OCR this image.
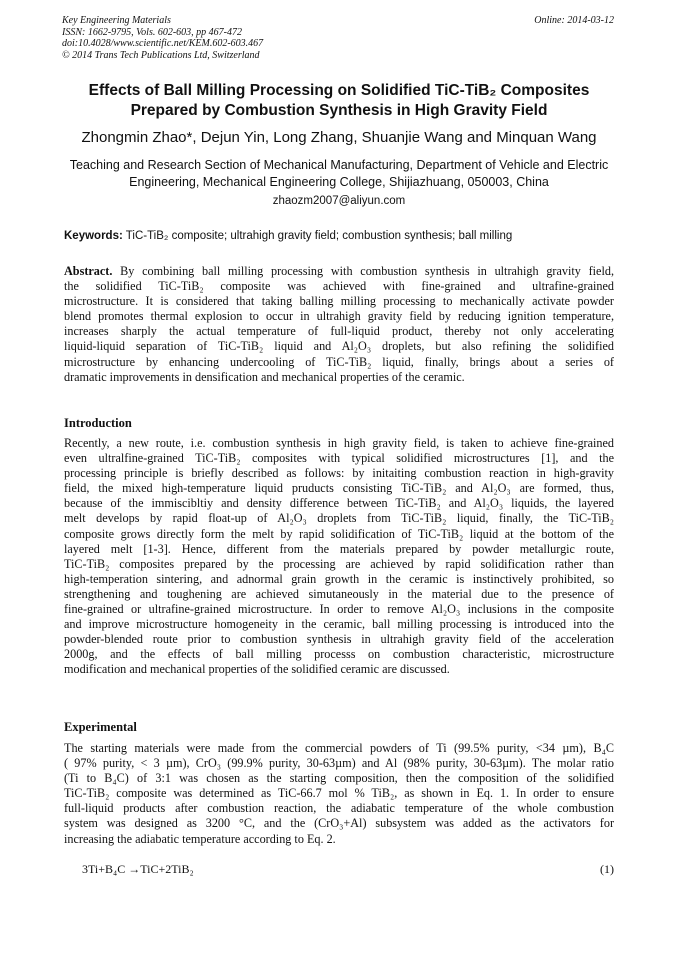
Key Engineering Materials
ISSN: 1662-9795, Vols. 602-603, pp 467-472
doi:10.4028/www.scientific.net/KEM.602-603.467
© 2014 Trans Tech Publications Ltd, Switzerland
Online: 2014-03-12
Effects of Ball Milling Processing on Solidified TiC-TiB₂ Composites
Prepared by Combustion Synthesis in High Gravity Field
Zhongmin Zhao*, Dejun Yin, Long Zhang, Shuanjie Wang and Minquan Wang
Teaching and Research Section of Mechanical Manufacturing, Department of Vehicle and Electric
Engineering, Mechanical Engineering College, Shijiazhuang, 050003, China
zhaozm2007@aliyun.com
Keywords: TiC-TiB₂ composite; ultrahigh gravity field; combustion synthesis; ball milling
Abstract. By combining ball milling processing with combustion synthesis in ultrahigh gravity field,
the solidified TiC-TiB₂ composite was achieved with fine-grained and ultrafine-grained
microstructure. It is considered that taking balling milling processing to mechanically activate powder
blend promotes thermal explosion to occur in ultrahigh gravity field by reducing ignition temperature,
increases sharply the actual temperature of full-liquid product, thereby not only accelerating
liquid-liquid separation of TiC-TiB₂ liquid and Al₂O₃ droplets, but also refining the solidified
microstructure by enhancing undercooling of TiC-TiB₂ liquid, finally, brings about a series of
dramatic improvements in densification and mechanical properties of the ceramic.
Introduction
Recently, a new route, i.e. combustion synthesis in high gravity field, is taken to achieve fine-grained
even ultralfine-grained TiC-TiB₂ composites with typical solidified microstructures [1], and the
processing principle is briefly described as follows: by initaiting combustion reaction in high-gravity
field, the mixed high-temperature liquid pruducts consisting TiC-TiB₂ and Al₂O₃ are formed, thus,
because of the immiscibltiy and density difference between TiC-TiB₂ and Al₂O₃ liquids, the layered
melt develops by rapid float-up of Al₂O₃ droplets from TiC-TiB₂ liquid, finally, the TiC-TiB₂
composite grows directly form the melt by rapid solidification of TiC-TiB₂ liquid at the bottom of the
layered melt [1-3]. Hence, different from the materials prepared by powder metallurgic route,
TiC-TiB₂ composites prepared by the processing are achieved by rapid solidification rather than
high-temperation sintering, and adnormal grain growth in the ceramic is instinctively prohibited, so
strengthening and toughening are achieved simutaneously in the material due to the presence of
fine-grained or ultrafine-grained microstructure. In order to remove Al₂O₃ inclusions in the composite
and improve microstructure homogeneity in the ceramic, ball milling processing is introduced into the
powder-blended route prior to combustion synthesis in ultrahigh gravity field of the acceleration
2000g, and the effects of ball milling processs on combustion characteristic, microstructure
modification and mechanical properties of the solidified ceramic are discussed.
Experimental
The starting materials were made from the commercial powders of Ti (99.5% purity, <34 µm), B₄C
( 97% purity, < 3 µm), CrO₃ (99.9% purity, 30-63µm) and Al (98% purity, 30-63µm). The molar ratio
(Ti to B₄C) of 3:1 was chosen as the starting composition, then the composition of the solidified
TiC-TiB₂ composite was determined as TiC-66.7 mol % TiB₂, as shown in Eq. 1. In order to ensure
full-liquid products after combustion reaction, the adiabatic temperature of the whole combustion
system was designed as 3200 °C, and the (CrO₃+Al) subsystem was added as the activators for
increasing the adiabatic temperature according to Eq. 2.
3Ti+B₄C →TiC+2TiB₂	(1)
